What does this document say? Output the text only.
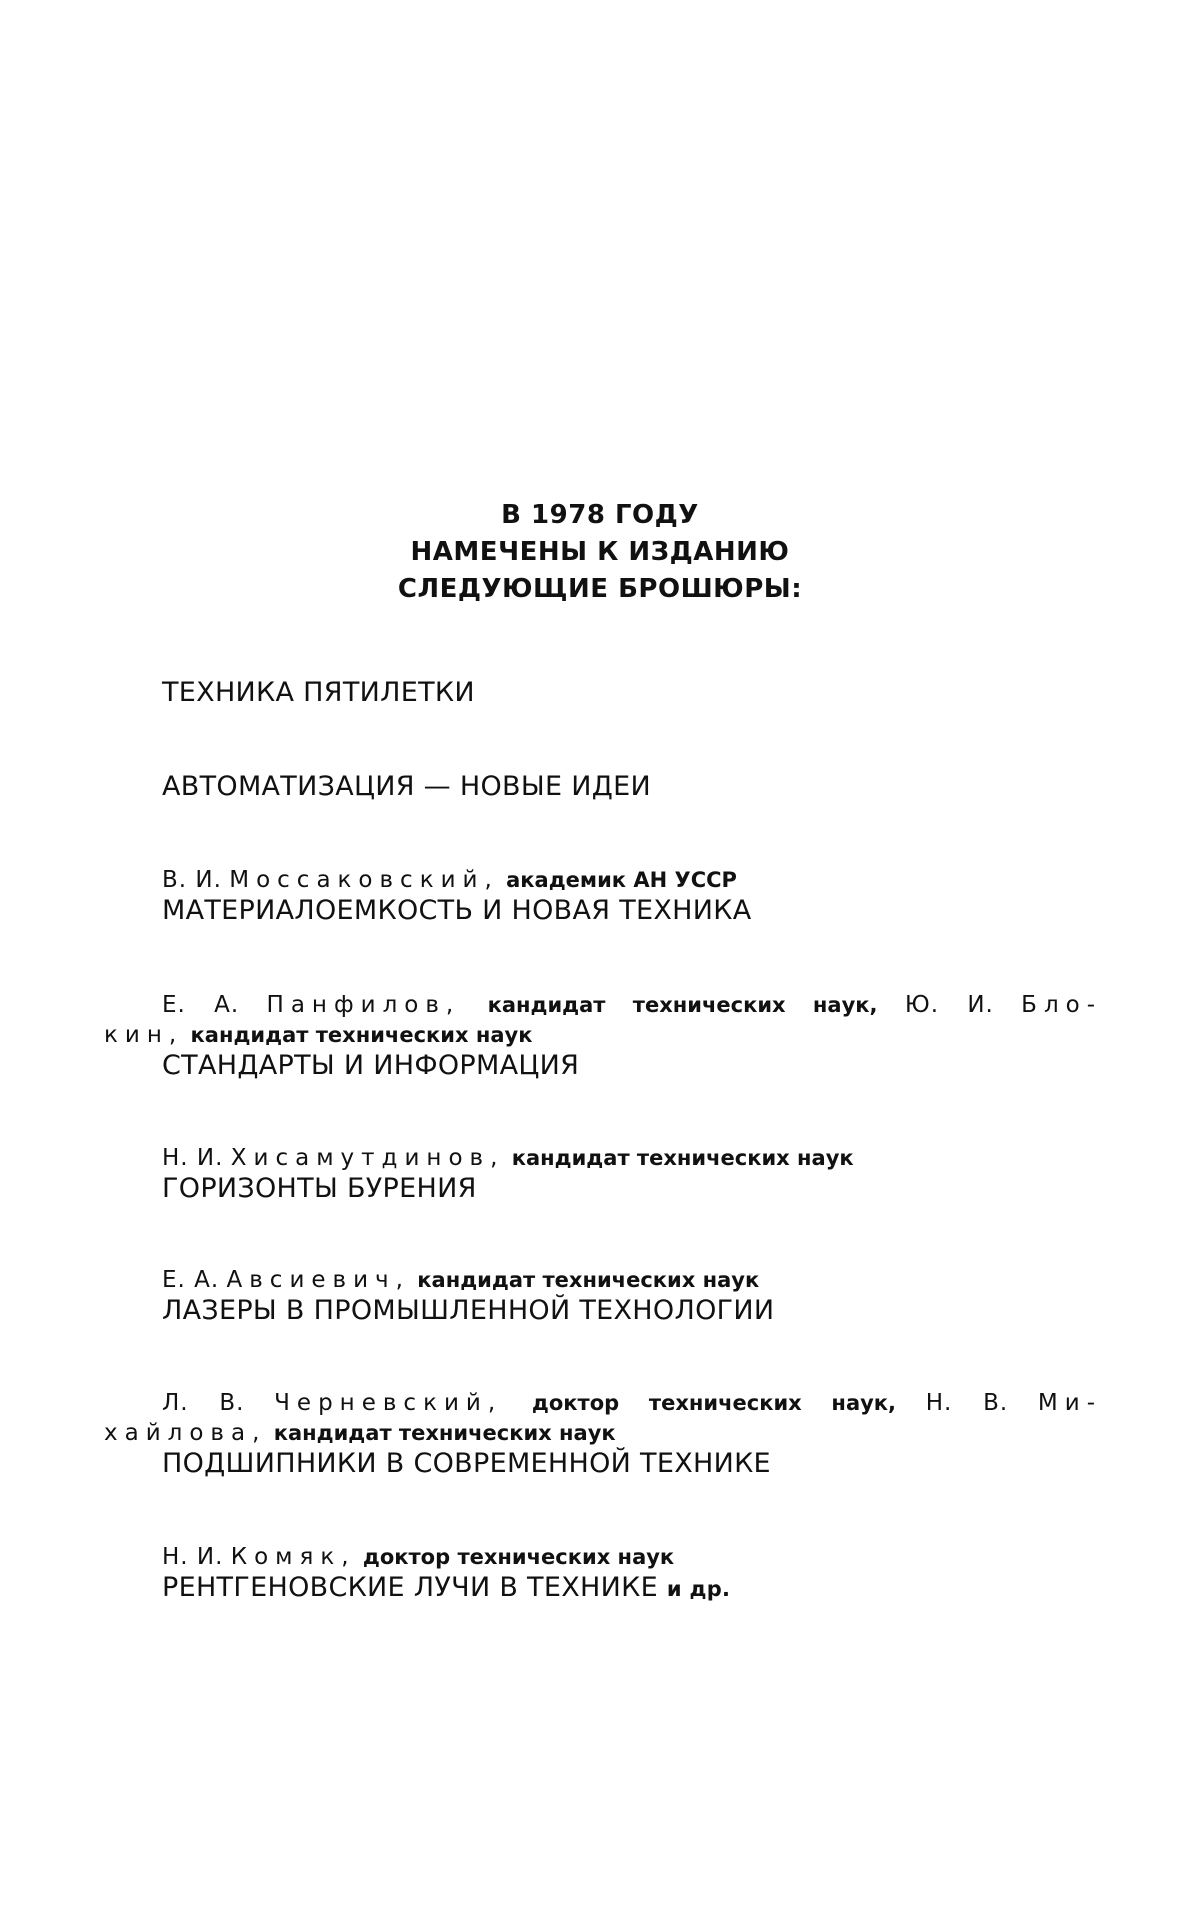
В 1978 ГОДУ
НАМЕЧЕНЫ К ИЗДАНИЮ
СЛЕДУЮЩИЕ БРОШЮРЫ:
ТЕХНИКА ПЯТИЛЕТКИ
АВТОМАТИЗАЦИЯ — НОВЫЕ ИДЕИ
В. И. Моссаковский, академик АН УССР
МАТЕРИАЛОЕМКОСТЬ И НОВАЯ ТЕХНИКА
Е. А. Панфилов, кандидат технических наук, Ю. И. Бло-
кин, кандидат технических наук
СТАНДАРТЫ И ИНФОРМАЦИЯ
Н. И. Хисамутдинов, кандидат технических наук
ГОРИЗОНТЫ БУРЕНИЯ
Е. А. Авсиевич, кандидат технических наук
ЛАЗЕРЫ В ПРОМЫШЛЕННОЙ ТЕХНОЛОГИИ
Л. В. Черневский, доктор технических наук, Н. В. Ми-
хайлова, кандидат технических наук
ПОДШИПНИКИ В СОВРЕМЕННОЙ ТЕХНИКЕ
Н. И. Комяк, доктор технических наук
РЕНТГЕНОВСКИЕ ЛУЧИ В ТЕХНИКЕ и др.
